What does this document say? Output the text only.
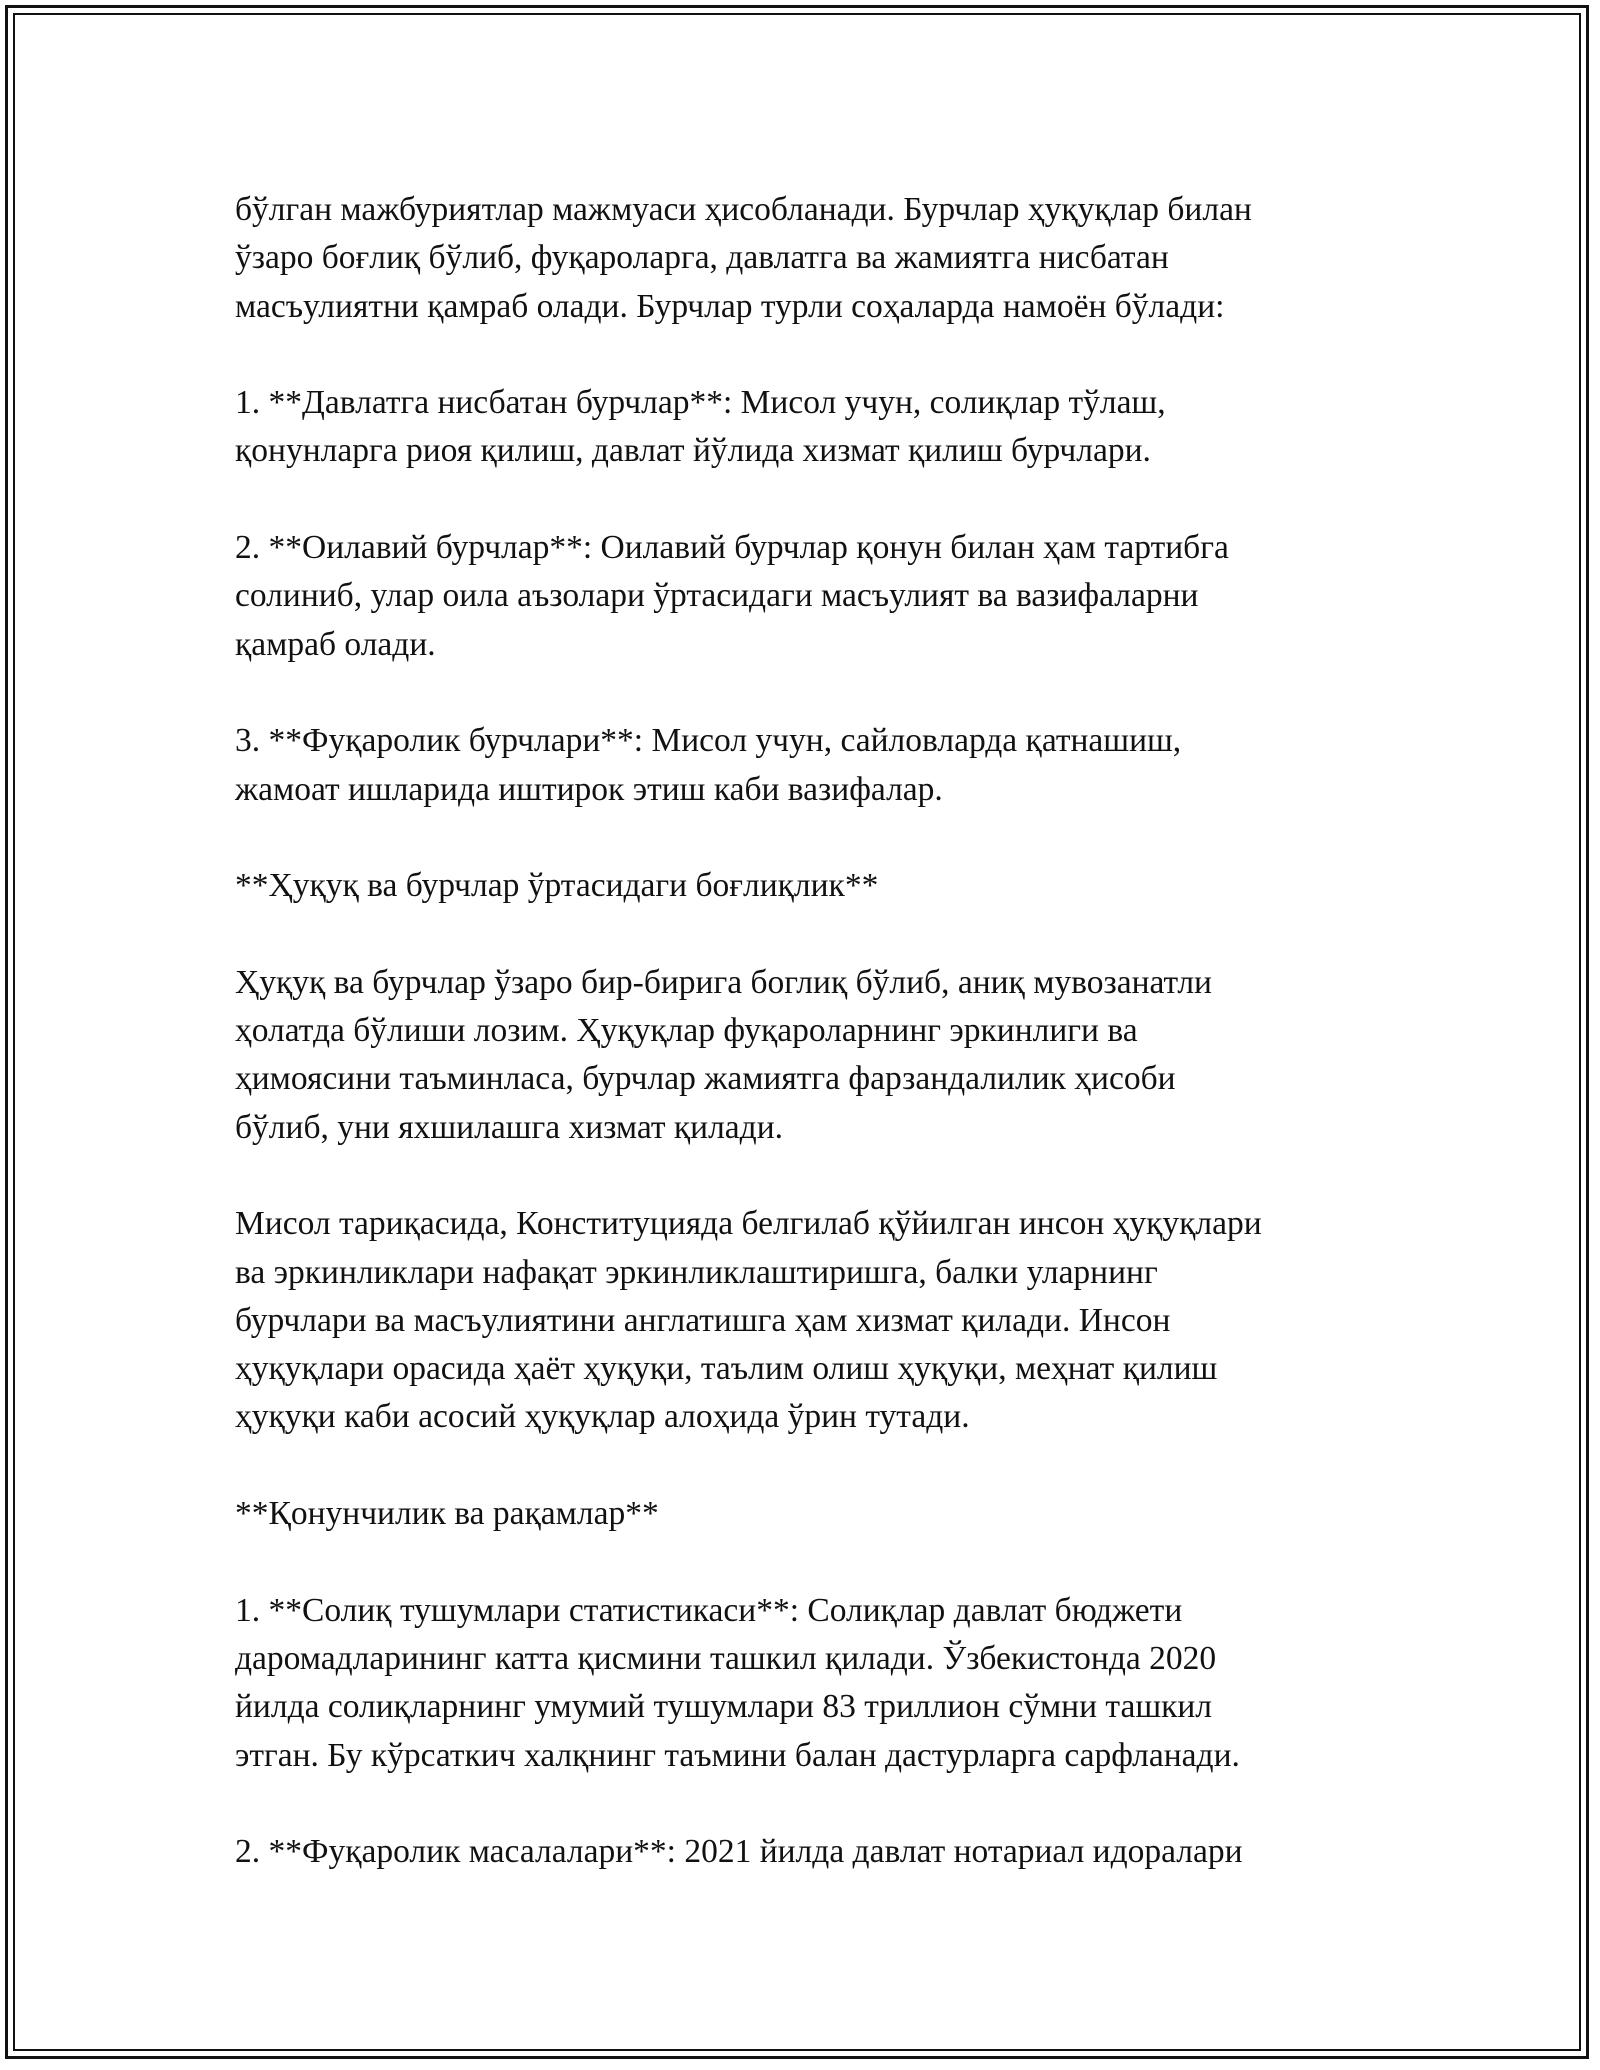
бўлган мажбуриятлар мажмуаси ҳисобланади. Бурчлар ҳуқуқлар билан
ўзаро боғлиқ бўлиб, фуқароларга, давлатга ва жамиятга нисбатан
масъулиятни қамраб олади. Бурчлар турли соҳаларда намоён бўлади:

1. **Давлатга нисбатан бурчлар**: Мисол учун, солиқлар тўлаш,
қонунларга риоя қилиш, давлат йўлида хизмат қилиш бурчлари.

2. **Оилавий бурчлар**: Оилавий бурчлар қонун билан ҳам тартибга
солиниб, улар оила аъзолари ўртасидаги масъулият ва вазифаларни
қамраб олади.

3. **Фуқаролик бурчлари**: Мисол учун, сайловларда қатнашиш,
жамоат ишларида иштирок этиш каби вазифалар.

**Ҳуқуқ ва бурчлар ўртасидаги боғлиқлик**

Ҳуқуқ ва бурчлар ўзаро бир-бирига боглиқ бўлиб, аниқ мувозанатли
ҳолатда бўлиши лозим. Ҳуқуқлар фуқароларнинг эркинлиги ва
ҳимоясини таъминласа, бурчлар жамиятга фарзандалилик ҳисоби
бўлиб, уни яхшилашга хизмат қилади.

Мисол тариқасида, Конституцияда белгилаб қўйилган инсон ҳуқуқлари
ва эркинликлари нафақат эркинликлаштиришга, балки уларнинг
бурчлари ва масъулиятини англатишга ҳам хизмат қилади. Инсон
ҳуқуқлари орасида ҳаёт ҳуқуқи, таълим олиш ҳуқуқи, меҳнат қилиш
ҳуқуқи каби асосий ҳуқуқлар алоҳида ўрин тутади.

**Қонунчилик ва рақамлар**

1. **Солиқ тушумлари статистикаси**: Солиқлар давлат бюджети
даромадларининг катта қисмини ташкил қилади. Ўзбекистонда 2020
йилда солиқларнинг умумий тушумлари 83 триллион сўмни ташкил
этган. Бу кўрсаткич халқнинг таъмини балан дастурларга сарфланади.

2. **Фуқаролик масалалари**: 2021 йилда давлат нотариал идоралари
